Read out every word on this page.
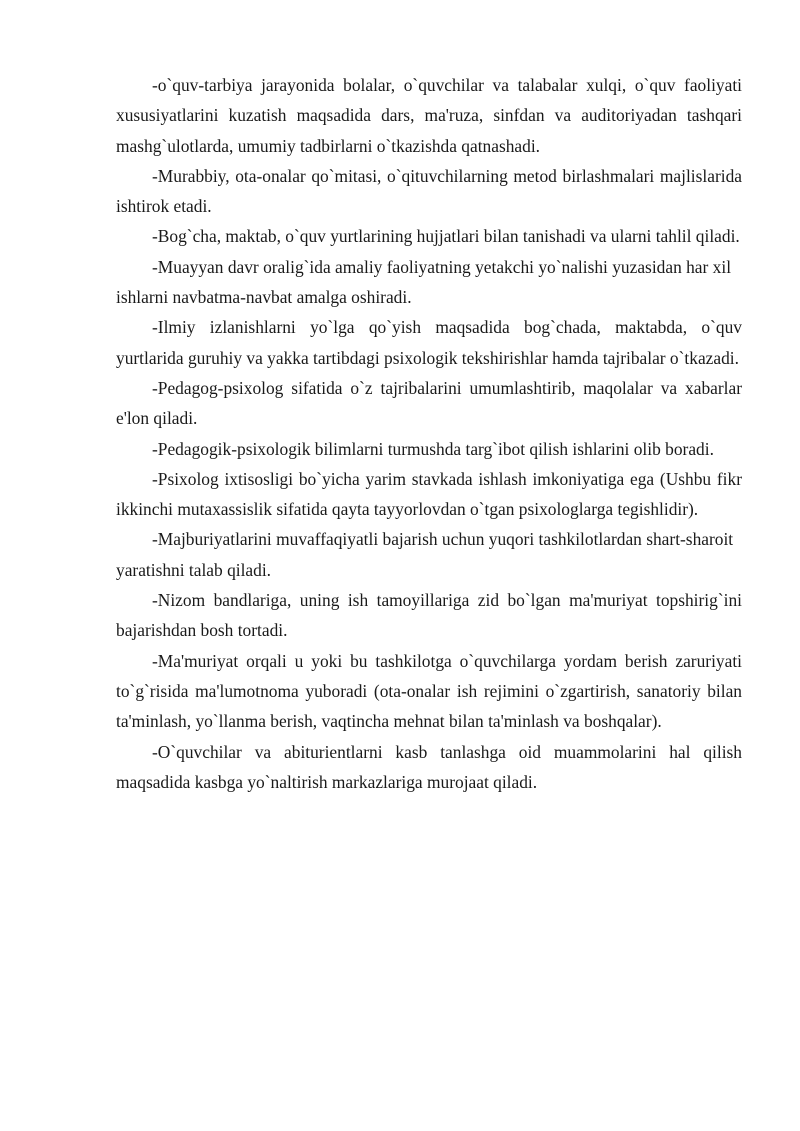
-o`quv-tarbiya jarayonida bolalar, o`quvchilar va talabalar xulqi, o`quv faoliyati xususiyatlarini kuzatish maqsadida dars, ma'ruza, sinfdan va auditoriyadan tashqari mashg`ulotlarda, umumiy tadbirlarni o`tkazishda qatnashadi.

-Murabbiy, ota-onalar qo`mitasi, o`qituvchilarning metod birlashmalari majlislarida ishtirok etadi.

-Bog`cha, maktab, o`quv yurtlarining hujjatlari bilan tanishadi va ularni tahlil qiladi.

-Muayyan davr oralig`ida amaliy faoliyatning yetakchi yo`nalishi yuzasidan har xil ishlarni navbatma-navbat amalga oshiradi.

-Ilmiy izlanishlarni yo`lga qo`yish maqsadida bog`chada, maktabda, o`quv yurtlarida guruhiy va yakka tartibdagi psixologik tekshirishlar hamda tajribalar o`tkazadi.

-Pedagog-psixolog sifatida o`z tajribalarini umumlashtirib, maqolalar va xabarlar e'lon qiladi.

-Pedagogik-psixologik bilimlarni turmushda targ`ibot qilish ishlarini olib boradi.

-Psixolog ixtisosligi bo`yicha yarim stavkada ishlash imkoniyatiga ega (Ushbu fikr ikkinchi mutaxassislik sifatida qayta tayyorlovdan o`tgan psixologlarga tegishlidir).

-Majburiyatlarini muvaffaqiyatli bajarish uchun yuqori tashkilotlardan shart-sharoit yaratishni talab qiladi.

-Nizom bandlariga, uning ish tamoyillariga zid bo`lgan ma'muriyat topshirig`ini bajarishdan bosh tortadi.

-Ma'muriyat orqali u yoki bu tashkilotga o`quvchilarga yordam berish zaruriyati to`g`risida ma'lumotnoma yuboradi (ota-onalar ish rejimini o`zgartirish, sanatoriy bilan ta'minlash, yo`llanma berish, vaqtincha mehnat bilan ta'minlash va boshqalar).

-O`quvchilar va abiturientlarni kasb tanlashga oid muammolarini hal qilish maqsadida kasbga yo`naltirish markazlariga murojaat qiladi.
